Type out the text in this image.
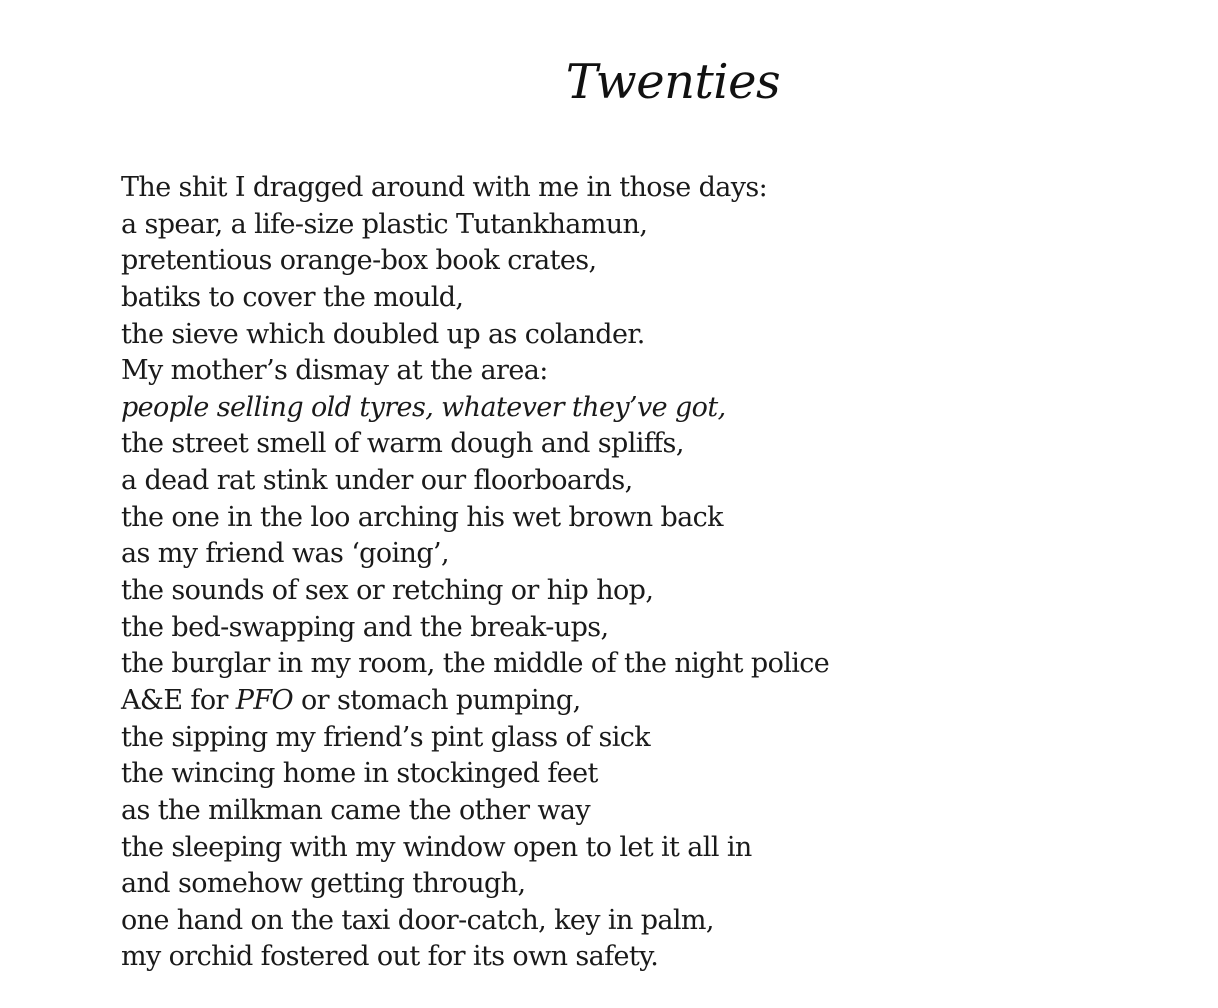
Twenties
The shit I dragged around with me in those days:
a spear, a life-size plastic Tutankhamun,
pretentious orange-box book crates,
batiks to cover the mould,
the sieve which doubled up as colander.
My mother’s dismay at the area:
people selling old tyres, whatever they’ve got,
the street smell of warm dough and spliffs,
a dead rat stink under our floorboards,
the one in the loo arching his wet brown back
as my friend was ‘going’,
the sounds of sex or retching or hip hop,
the bed-swapping and the break-ups,
the burglar in my room, the middle of the night police
A&E for PFO or stomach pumping,
the sipping my friend’s pint glass of sick
the wincing home in stockinged feet
as the milkman came the other way
the sleeping with my window open to let it all in
and somehow getting through,
one hand on the taxi door-catch, key in palm,
my orchid fostered out for its own safety.
